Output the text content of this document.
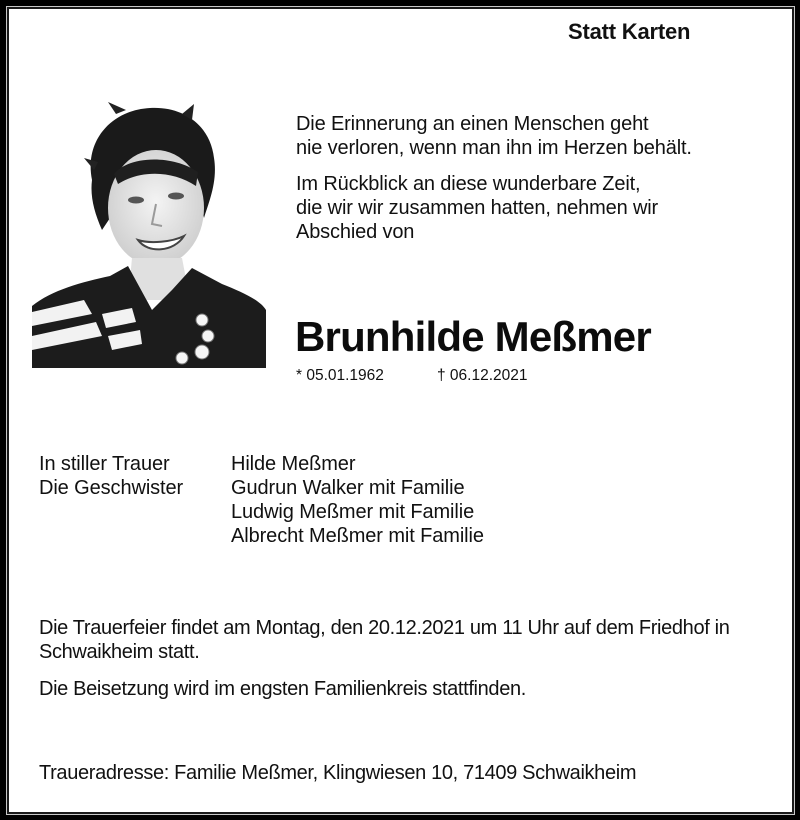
Statt Karten

Die Erinnerung an einen Menschen geht
nie verloren, wenn man ihn im Herzen behält.

Im Rückblick an diese wunderbare Zeit,
die wir wir zusammen hatten, nehmen wir
Abschied von

Brunhilde Meßmer
* 05.01.1962	† 06.12.2021
In stiller Trauer
Die Geschwister
Hilde Meßmer
Gudrun Walker mit Familie
Ludwig Meßmer mit Familie
Albrecht Meßmer mit Familie

Die Trauerfeier findet am Montag, den 20.12.2021 um 11 Uhr auf dem Friedhof in Schwaikheim statt.

Die Beisetzung wird im engsten Familienkreis stattfinden.

Traueradresse: Familie Meßmer, Klingwiesen 10, 71409 Schwaikheim
